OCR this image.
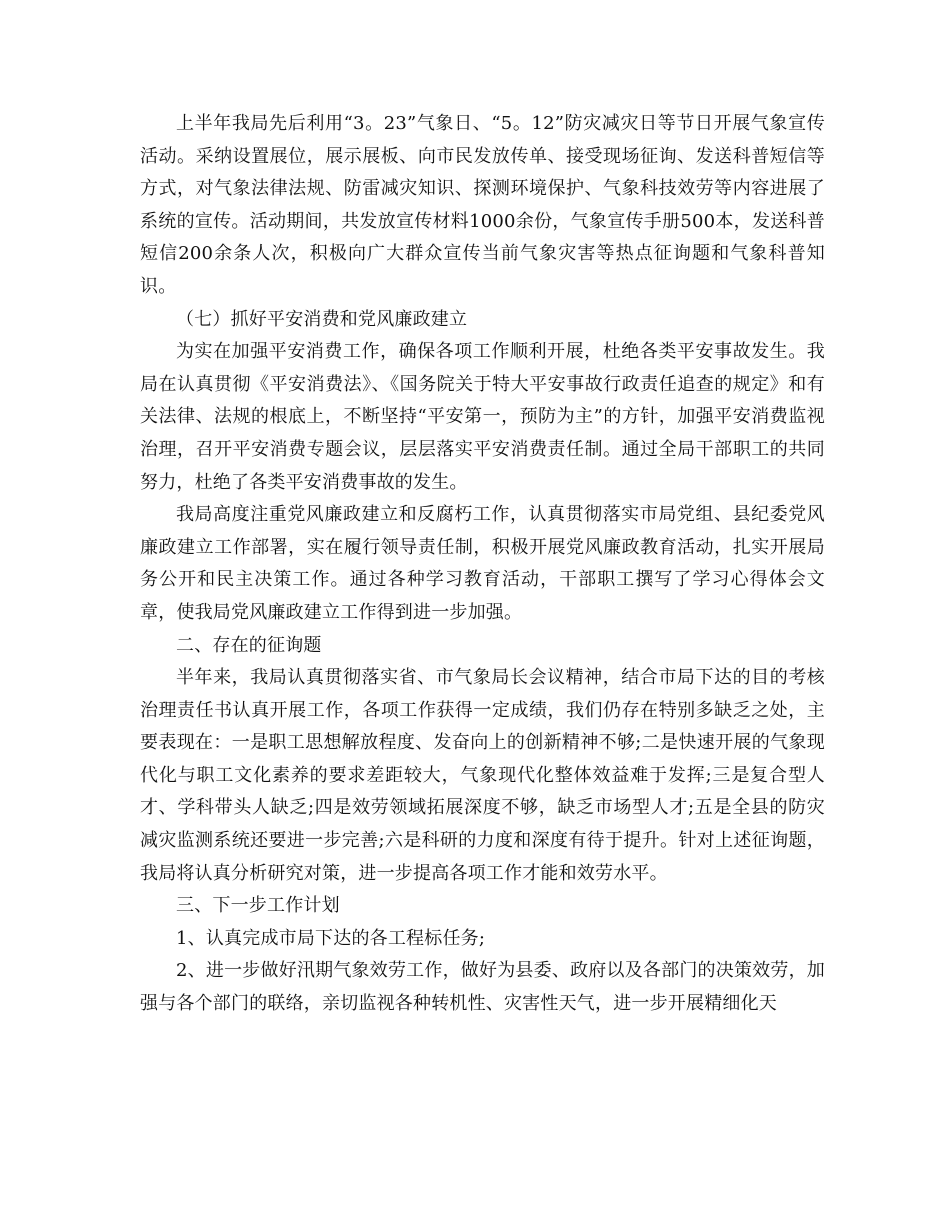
上半年我局先后利用“3。23”气象日、“5。12”防灾减灾日等节日开展气象宣传活动。采纳设置展位，展示展板、向市民发放传单、接受现场征询、发送科普短信等方式，对气象法律法规、防雷减灾知识、探测环境保护、气象科技效劳等内容进展了系统的宣传。活动期间，共发放宣传材料1000余份，气象宣传手册500本，发送科普短信200余条人次，积极向广大群众宣传当前气象灾害等热点征询题和气象科普知识。

（七）抓好平安消费和党风廉政建立

为实在加强平安消费工作，确保各项工作顺利开展，杜绝各类平安事故发生。我局在认真贯彻《平安消费法》、《国务院关于特大平安事故行政责任追查的规定》和有关法律、法规的根底上，不断坚持“平安第一，预防为主”的方针，加强平安消费监视治理，召开平安消费专题会议，层层落实平安消费责任制。通过全局干部职工的共同努力，杜绝了各类平安消费事故的发生。

我局高度注重党风廉政建立和反腐朽工作，认真贯彻落实市局党组、县纪委党风廉政建立工作部署，实在履行领导责任制，积极开展党风廉政教育活动，扎实开展局务公开和民主决策工作。通过各种学习教育活动，干部职工撰写了学习心得体会文章，使我局党风廉政建立工作得到进一步加强。

二、存在的征询题

半年来，我局认真贯彻落实省、市气象局长会议精神，结合市局下达的目的考核治理责任书认真开展工作，各项工作获得一定成绩，我们仍存在特别多缺乏之处，主要表现在：一是职工思想解放程度、发奋向上的创新精神不够;二是快速开展的气象现代化与职工文化素养的要求差距较大，气象现代化整体效益难于发挥;三是复合型人才、学科带头人缺乏;四是效劳领域拓展深度不够，缺乏市场型人才;五是全县的防灾减灾监测系统还要进一步完善;六是科研的力度和深度有待于提升。针对上述征询题，我局将认真分析研究对策，进一步提高各项工作才能和效劳水平。

三、下一步工作计划

1、认真完成市局下达的各工程标任务;

2、进一步做好汛期气象效劳工作，做好为县委、政府以及各部门的决策效劳，加强与各个部门的联络，亲切监视各种转机性、灾害性天气，进一步开展精细化天
